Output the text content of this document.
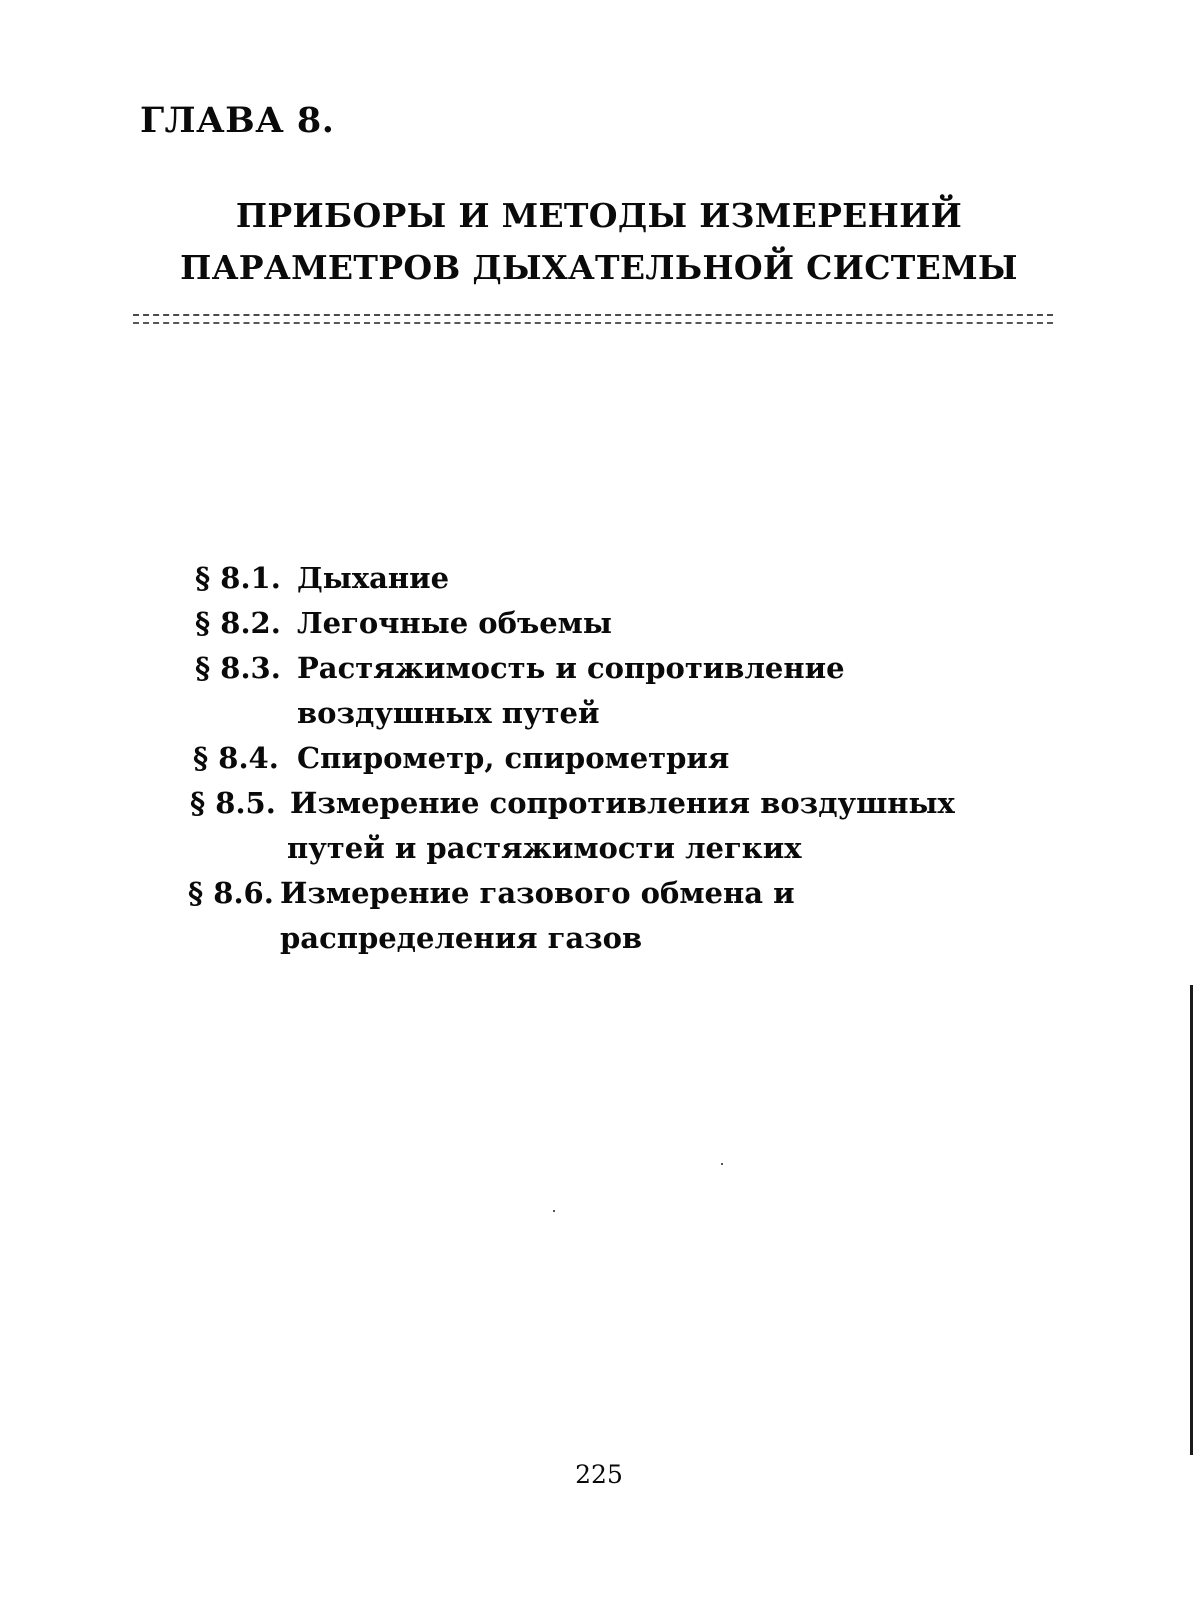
ГЛАВА 8.
ПРИБОРЫ И МЕТОДЫ ИЗМЕРЕНИЙ
ПАРАМЕТРОВ ДЫХАТЕЛЬНОЙ СИСТЕМЫ
§ 8.1. Дыхание
§ 8.2. Легочные объемы
§ 8.3. Растяжимость и сопротивление
воздушных путей
§ 8.4. Спирометр, спирометрия
§ 8.5. Измерение сопротивления воздушных
путей и растяжимости легких
§ 8.6. Измерение газового обмена и
распределения газов

225
